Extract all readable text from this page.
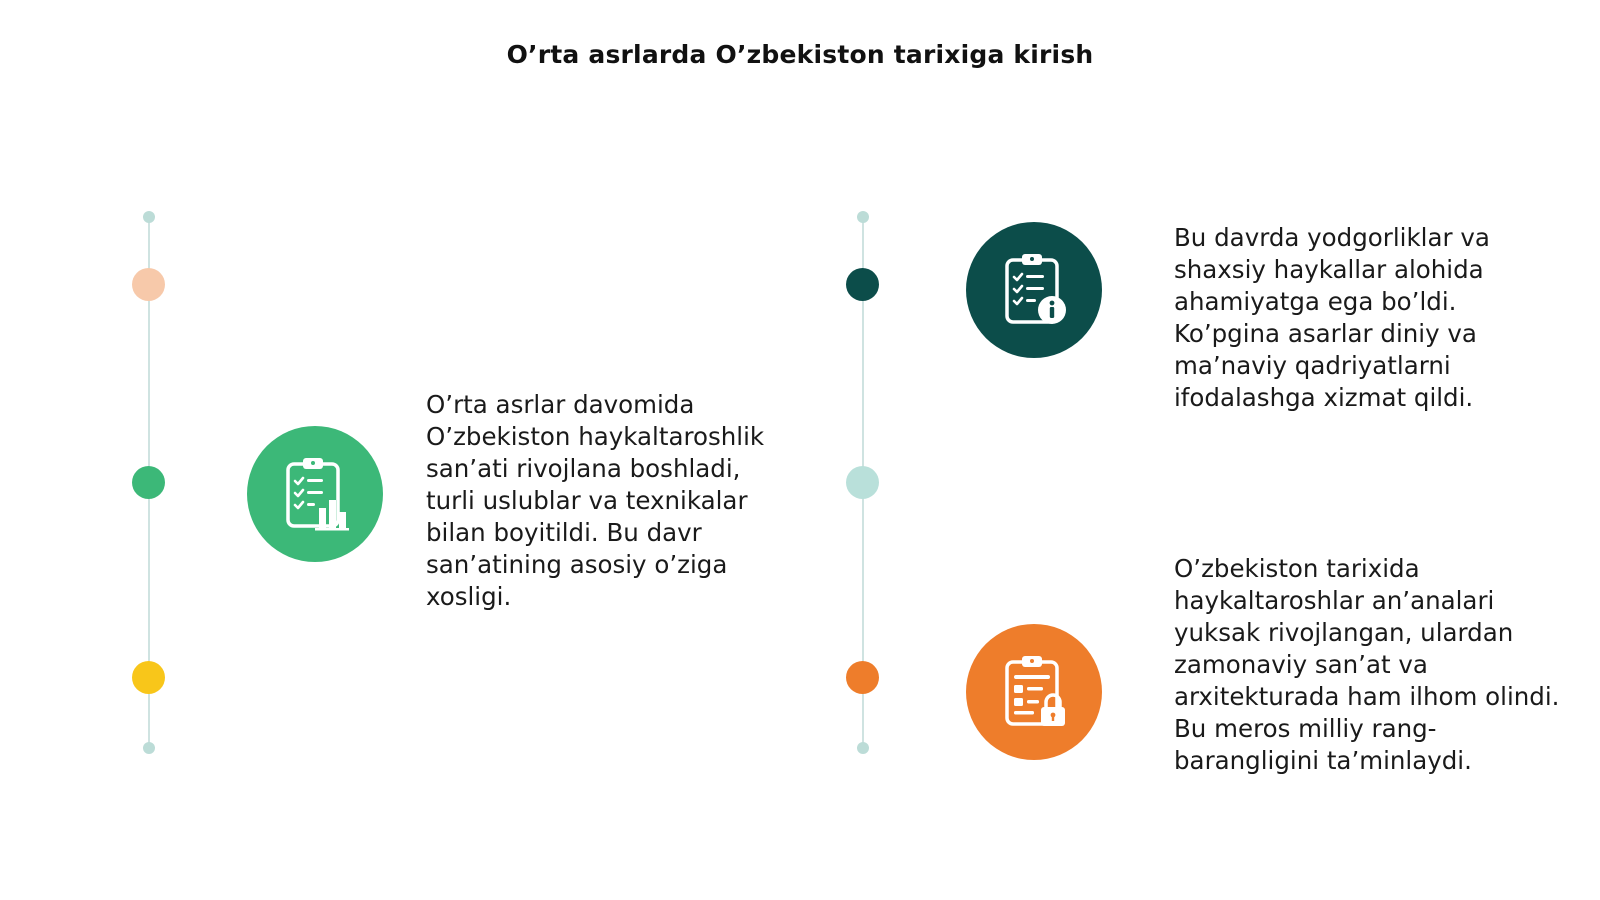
O’rta asrlarda O’zbekiston tarixiga kirish

O’rta asrlar davomida O’zbekiston haykaltaroshlik san’ati rivojlana boshladi, turli uslublar va texnikalar bilan boyitildi. Bu davr san’atining asosiy o’ziga xosligi.

Bu davrda yodgorliklar va shaxsiy haykallar alohida ahamiyatga ega bo’ldi. Ko’pgina asarlar diniy va ma’naviy qadriyatlarni ifodalashga xizmat qildi.

O’zbekiston tarixida haykaltaroshlar an’analari yuksak rivojlangan, ulardan zamonaviy san’at va arxitekturada ham ilhom olindi. Bu meros milliy rang-barangligini ta’minlaydi.
